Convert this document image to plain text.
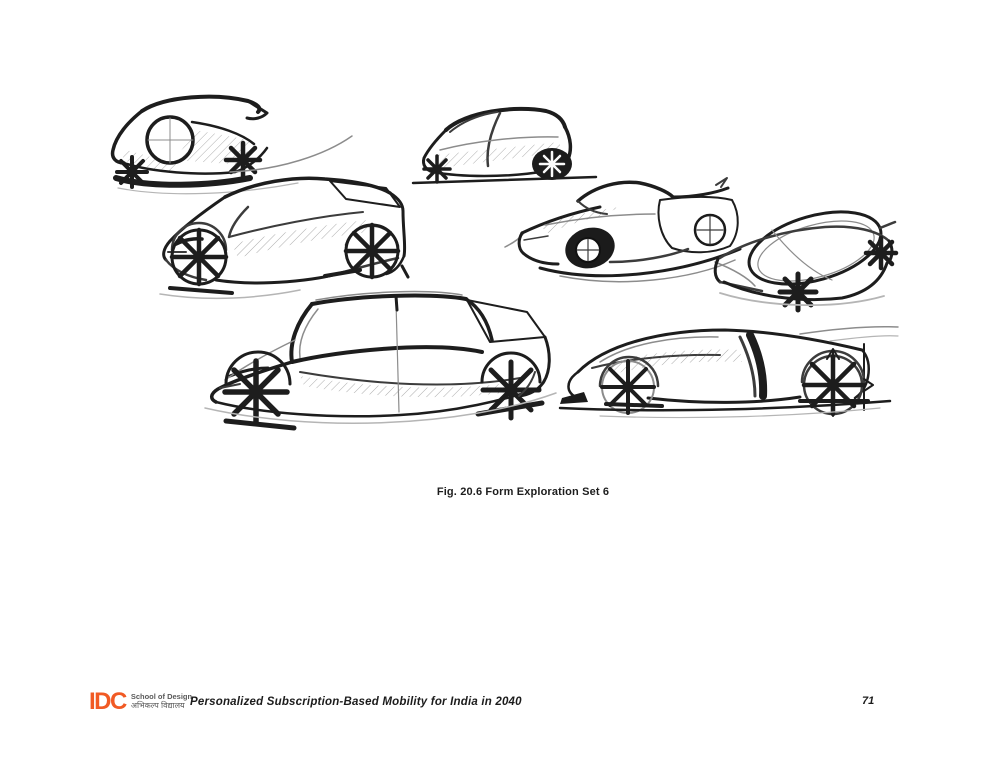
Fig. 20.6 Form Exploration Set 6
IDC School of Design
अभिकल्प विद्यालय Personalized Subscription-Based Mobility for India in 2040	71
